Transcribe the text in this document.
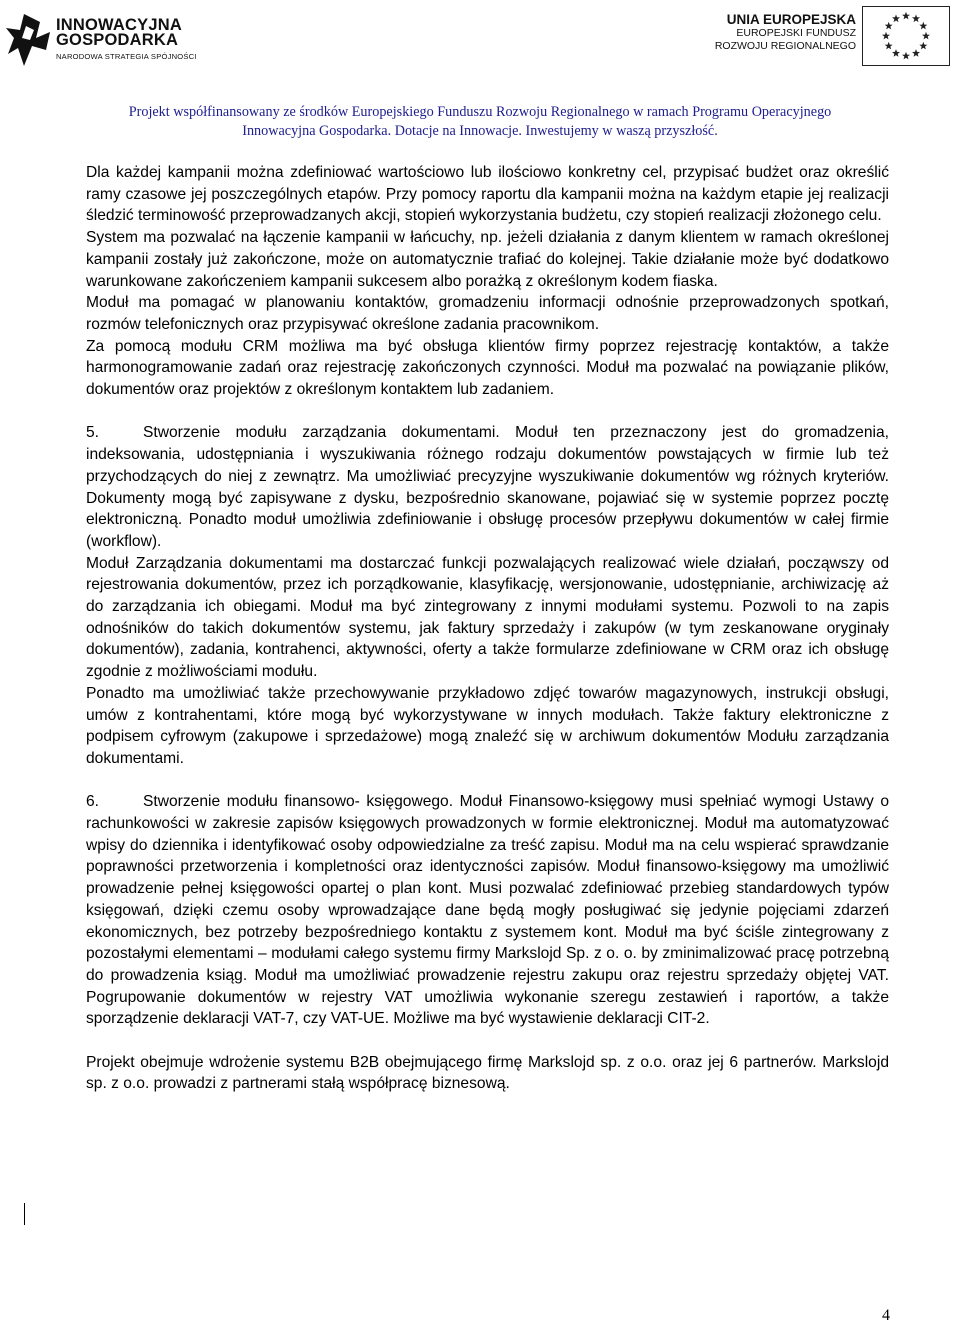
INNOWACYJNA
GOSPODARKA
NARODOWA STRATEGIA SPÓJNOŚCI
UNIA EUROPEJSKA
EUROPEJSKI FUNDUSZ
ROZWOJU REGIONALNEGO
Projekt współfinansowany ze środków Europejskiego Funduszu Rozwoju Regionalnego w ramach Programu Operacyjnego
Innowacyjna Gospodarka. Dotacje na Innowacje. Inwestujemy w waszą przyszłość.

Dla każdej kampanii można zdefiniować wartościowo lub ilościowo konkretny cel, przypisać budżet oraz określić ramy czasowe jej poszczególnych etapów. Przy pomocy raportu dla kampanii można na każdym etapie jej realizacji śledzić terminowość przeprowadzanych akcji, stopień wykorzystania budżetu, czy stopień realizacji złożonego celu.

System ma pozwalać na łączenie kampanii w łańcuchy, np. jeżeli działania z danym klientem w ramach określonej kampanii zostały już zakończone, może on automatycznie trafiać do kolejnej. Takie działanie może być dodatkowo warunkowane zakończeniem kampanii sukcesem albo porażką z określonym kodem fiaska.

Moduł ma pomagać w planowaniu kontaktów, gromadzeniu informacji odnośnie przeprowadzonych spotkań, rozmów telefonicznych oraz przypisywać określone zadania pracownikom.

Za pomocą modułu CRM możliwa ma być obsługa klientów firmy poprzez rejestrację kontaktów, a także harmonogramowanie zadań oraz rejestrację zakończonych czynności. Moduł ma pozwalać na powiązanie plików, dokumentów oraz projektów z określonym kontaktem lub zadaniem.

5.	Stworzenie modułu zarządzania dokumentami. Moduł ten przeznaczony jest do gromadzenia, indeksowania, udostępniania i wyszukiwania różnego rodzaju dokumentów powstających w firmie lub też przychodzących do niej z zewnątrz. Ma umożliwiać precyzyjne wyszukiwanie dokumentów wg różnych kryteriów. Dokumenty mogą być zapisywane z dysku, bezpośrednio skanowane, pojawiać się w systemie poprzez pocztę elektroniczną. Ponadto moduł umożliwia zdefiniowanie i obsługę procesów przepływu dokumentów w całej firmie (workflow).

Moduł Zarządzania dokumentami ma dostarczać funkcji pozwalających realizować wiele działań, począwszy od rejestrowania dokumentów, przez ich porządkowanie, klasyfikację, wersjonowanie, udostępnianie, archiwizację aż do zarządzania ich obiegami. Moduł ma być zintegrowany z innymi modułami systemu. Pozwoli to na zapis odnośników do takich dokumentów systemu, jak faktury sprzedaży i zakupów (w tym zeskanowane oryginały dokumentów), zadania, kontrahenci, aktywności, oferty a także formularze zdefiniowane w CRM oraz ich obsługę zgodnie z możliwościami modułu.

Ponadto ma umożliwiać także przechowywanie przykładowo zdjęć towarów magazynowych, instrukcji obsługi, umów z kontrahentami, które mogą być wykorzystywane w innych modułach. Także faktury elektroniczne z podpisem cyfrowym (zakupowe i sprzedażowe) mogą znaleźć się w archiwum dokumentów Modułu zarządzania dokumentami.

6.	Stworzenie modułu finansowo- księgowego. Moduł Finansowo-księgowy musi spełniać wymogi Ustawy o rachunkowości w zakresie zapisów księgowych prowadzonych w formie elektronicznej. Moduł ma automatyzować wpisy do dziennika i identyfikować osoby odpowiedzialne za treść zapisu. Moduł ma na celu wspierać sprawdzanie poprawności przetworzenia i kompletności oraz identyczności zapisów. Moduł finansowo-księgowy ma umożliwić prowadzenie pełnej księgowości opartej o plan kont. Musi pozwalać zdefiniować przebieg standardowych typów księgowań, dzięki czemu osoby wprowadzające dane będą mogły posługiwać się jedynie pojęciami zdarzeń ekonomicznych, bez potrzeby bezpośredniego kontaktu z systemem kont. Moduł ma być ściśle zintegrowany z pozostałymi elementami – modułami całego systemu firmy Markslojd Sp. z o. o. by zminimalizować pracę potrzebną do prowadzenia ksiąg. Moduł ma umożliwiać prowadzenie rejestru zakupu oraz rejestru sprzedaży objętej VAT. Pogrupowanie dokumentów w rejestry VAT umożliwia wykonanie szeregu zestawień i raportów, a także sporządzenie deklaracji VAT-7, czy VAT-UE. Możliwe ma być wystawienie deklaracji CIT-2.

Projekt obejmuje wdrożenie systemu B2B obejmującego firmę Markslojd sp. z o.o. oraz jej 6 partnerów. Markslojd sp. z o.o. prowadzi z partnerami stałą współpracę biznesową.

4
